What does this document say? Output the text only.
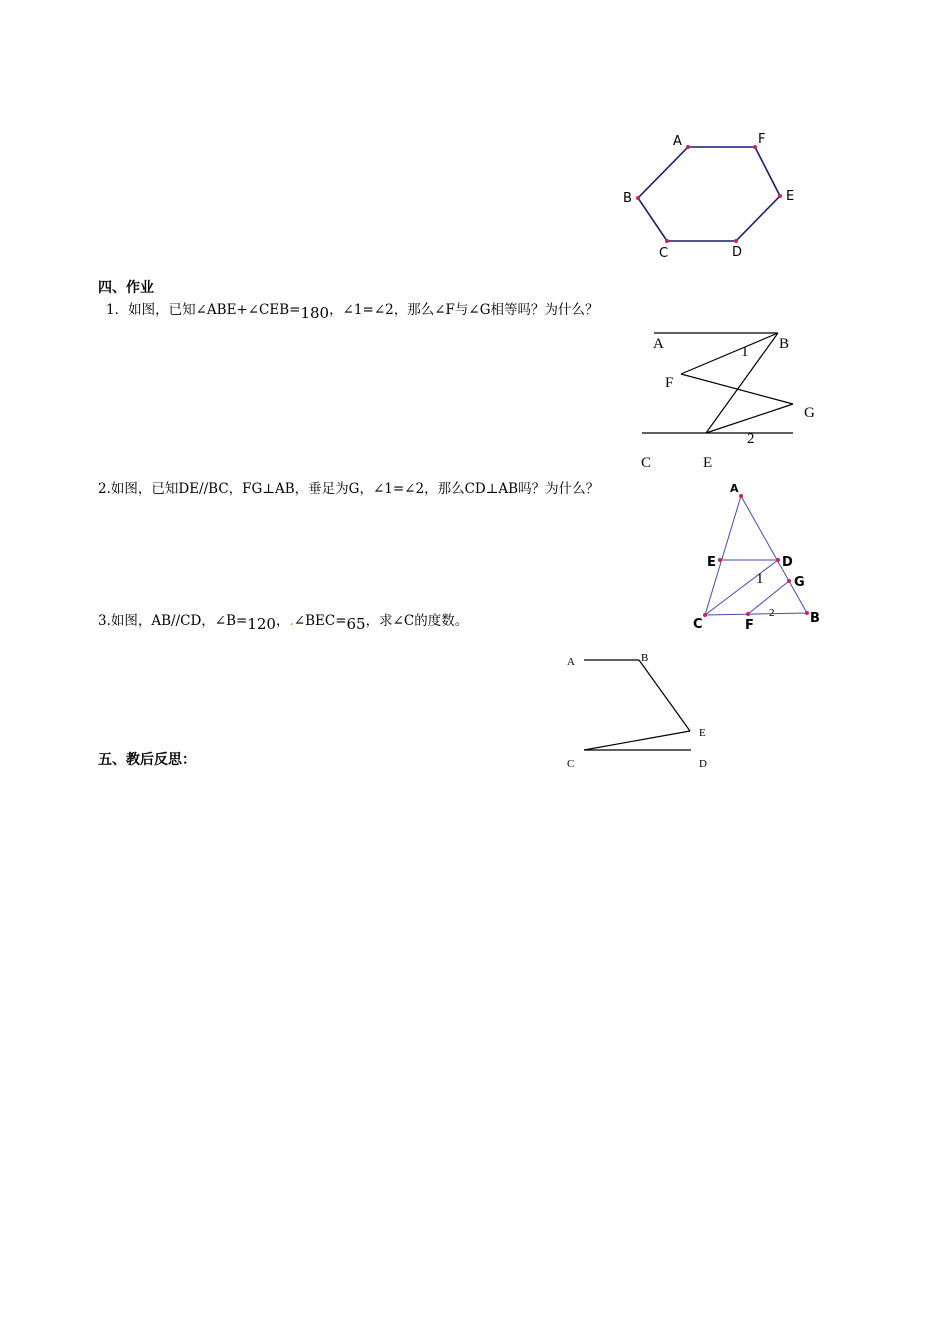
A	F
B	E
C	D
四、作业
1．如图，已知∠ABE+∠CEB=180，∠1=∠2，那么∠F与∠G相等吗？为什么？
A	B
1
F
G
2
C	E
2.如图，已知DE//BC，FG⊥AB，垂足为G，∠1=∠2，那么CD⊥AB吗？为什么？	A
E	D
1 G
C	F
2	B
3.如图，AB//CD，∠B=120，.∠BEC=65，求∠C的度数。
A	B
E
C	D
五、教后反思：
